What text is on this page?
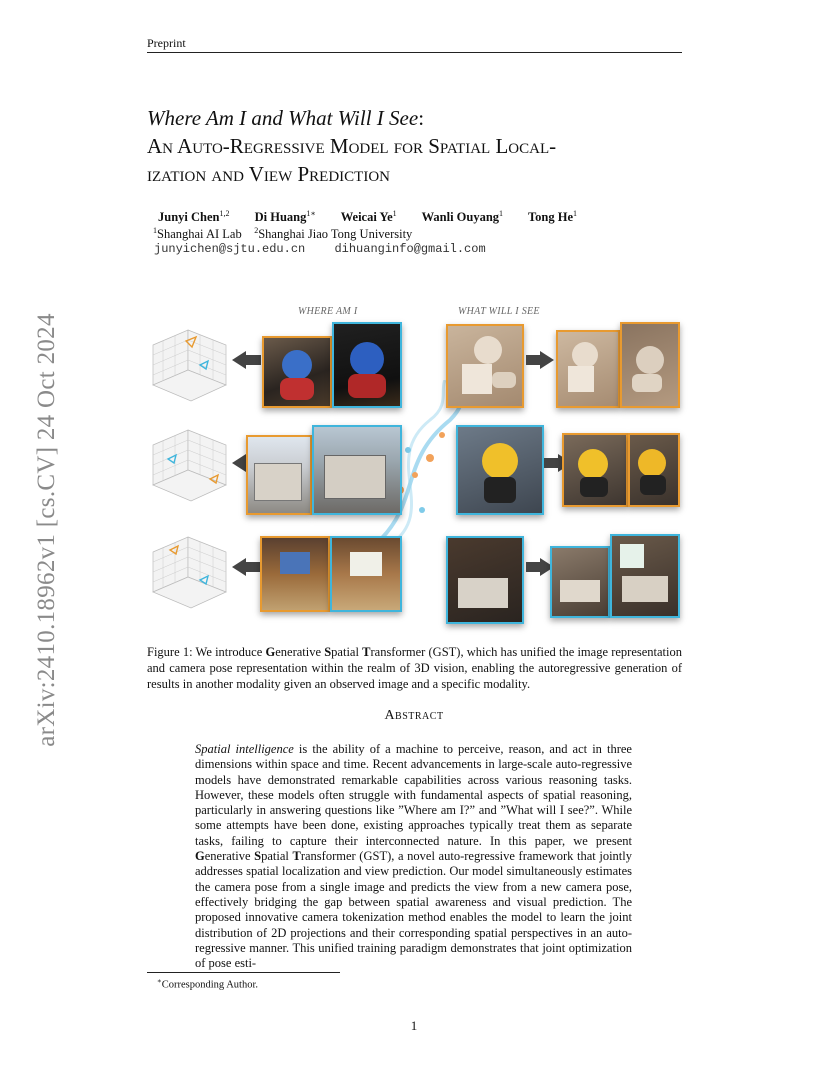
Preprint
arXiv:2410.18962v1 [cs.CV] 24 Oct 2024
Where Am I and What Will I See:
An Auto-Regressive Model for Spatial Local-
ization and View Prediction
Junyi Chen$^{1,2}$ Di Huang$^{1∗}$ Weicai Ye$^1$ Wanli Ouyang$^1$ Tong He$^1$
$^1$Shanghai AI Lab $^2$Shanghai Jiao Tong University
junyichen@sjtu.edu.cn dihuanginfo@gmail.com
WHERE AM I	WHAT WILL I SEE
Figure 1: We introduce Generative Spatial Transformer (GST), which has unified the image representation and camera pose representation within the realm of 3D vision, enabling the autoregressive generation of results in another modality given an observed image and a specific modality.
Abstract
Spatial intelligence is the ability of a machine to perceive, reason, and act in three dimensions within space and time. Recent advancements in large-scale auto-regressive models have demonstrated remarkable capabilities across various reasoning tasks. However, these models often struggle with fundamental aspects of spatial reasoning, particularly in answering questions like ”Where am I?” and ”What will I see?”. While some attempts have been done, existing approaches typically treat them as separate tasks, failing to capture their interconnected nature. In this paper, we present Generative Spatial Transformer (GST), a novel auto-regressive framework that jointly addresses spatial localization and view prediction. Our model simultaneously estimates the camera pose from a single image and predicts the view from a new camera pose, effectively bridging the gap between spatial awareness and visual prediction. The proposed innovative camera tokenization method enables the model to learn the joint distribution of 2D projections and their corresponding spatial perspectives in an auto-regressive manner. This unified training paradigm demonstrates that joint optimization of pose esti-
∗Corresponding Author.
1
